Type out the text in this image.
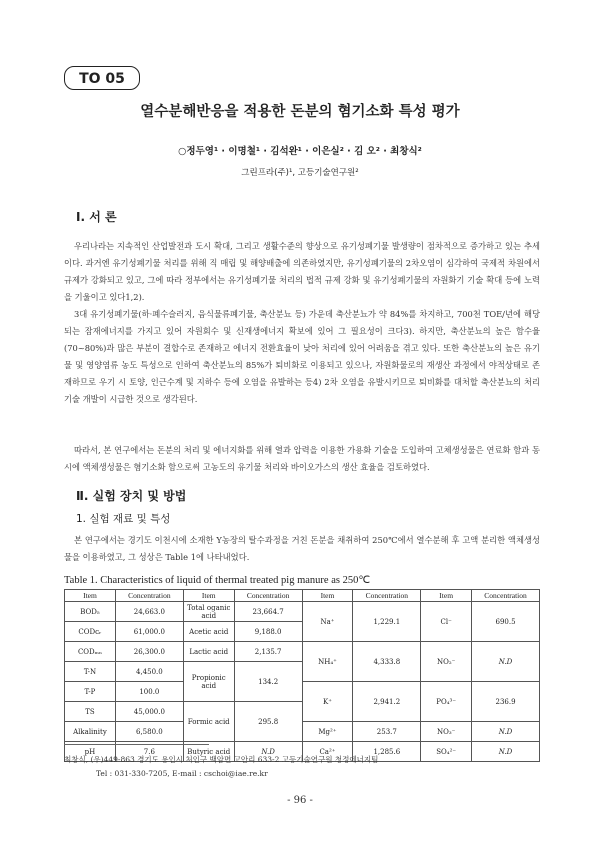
TO 05
열수분해반응을 적용한 돈분의 혐기소화 특성 평가
○정두영¹ · 이명철¹ · 김석완¹ · 이은실² · 김 오² · 최창식²
그린프라(주)¹, 고등기술연구원²
Ⅰ. 서 론
우리나라는 지속적인 산업발전과 도시 확대, 그리고 생활수준의 향상으로 유기성폐기물 발생량이 점차적으로 증가하고 있는 추세이다. 과거엔 유기성폐기물 처리를 위해 직 매립 및 해양배출에 의존하였지만, 유기성폐기물의 2차오염이 심각하여 국제적 차원에서 규제가 강화되고 있고, 그에 따라 정부에서는 유기성폐기물 처리의 법적 규제 강화 및 유기성폐기물의 자원화기 기술 확대 등에 노력을 기울이고 있다1,2).
3대 유기성폐기물(하·폐수슬러지, 음식물류폐기물, 축산분뇨 등) 가운데 축산분뇨가 약 84%를 차지하고, 700천 TOE/년에 해당되는 잠재에너지를 가지고 있어 자원회수 및 신재생에너지 확보에 있어 그 필요성이 크다3). 하지만, 축산분뇨의 높은 함수율(70~80%)과 많은 부분이 결합수로 존재하고 에너지 전환효율이 낮아 처리에 있어 어려움을 겪고 있다. 또한 축산분뇨의 높은 유기물 및 영양염류 농도 특성으로 인하여 축산분뇨의 85%가 퇴비화로 이용되고 있으나, 자원화물로의 재생산 과정에서 야적상태로 존재하므로 우기 시 토양, 인근수계 및 지하수 등에 오염을 유발하는 등4) 2차 오염을 유발시키므로 퇴비화를 대처할 축산분뇨의 처리기술 개발이 시급한 것으로 생각된다.
따라서, 본 연구에서는 돈분의 처리 및 에너지화를 위해 열과 압력을 이용한 가용화 기술을 도입하여 고체생성물은 연료화 함과 동시에 액체생성물은 혐기소화 함으로써 고농도의 유기물 처리와 바이오가스의 생산 효율을 검토하였다.
Ⅱ. 실험 장치 및 방법
1. 실험 재료 및 특성
본 연구에서는 경기도 이천시에 소재한 Y농장의 탈수과정을 거친 돈분을 채취하여 250℃에서 열수분해 후 고액 분리한 액체생성물을 이용하였고, 그 성상은 Table 1에 나타내었다.
Table 1. Characteristics of liquid of thermal treated pig manure as 250℃
Item	Concentration	Item	Concentration	Item	Concentration	Item	Concentration
BOD₅	24,663.0	Total oganic acid	23,664.7	Na⁺	1,229.1	Cl⁻	690.5
CODᴄᵣ	61,000.0	Acetic acid	9,188.0				
CODₘₙ	26,300.0	Lactic acid	2,135.7	NH₄⁺	4,333.8	NO₂⁻	N.D
T-N	4,450.0	Propionic acid	134.2				
T-P	100.0			K⁺	2,941.2	PO₄³⁻	236.9
TS	45,000.0	Formic acid	295.8				
Alkalinity	6,580.0			Mg²⁺	253.7	NO₃⁻	N.D
pH	7.6	Butyric acid	N.D	Ca²⁺	1,285.6	SO₄²⁻	N.D
최창식, (우)449-863 경기도 용인시 처인구 백암면 고안리 633-2 고등기술연구원 청정에너지팀
Tel : 031-330-7205, E-mail : cschoi@iae.re.kr
- 96 -
